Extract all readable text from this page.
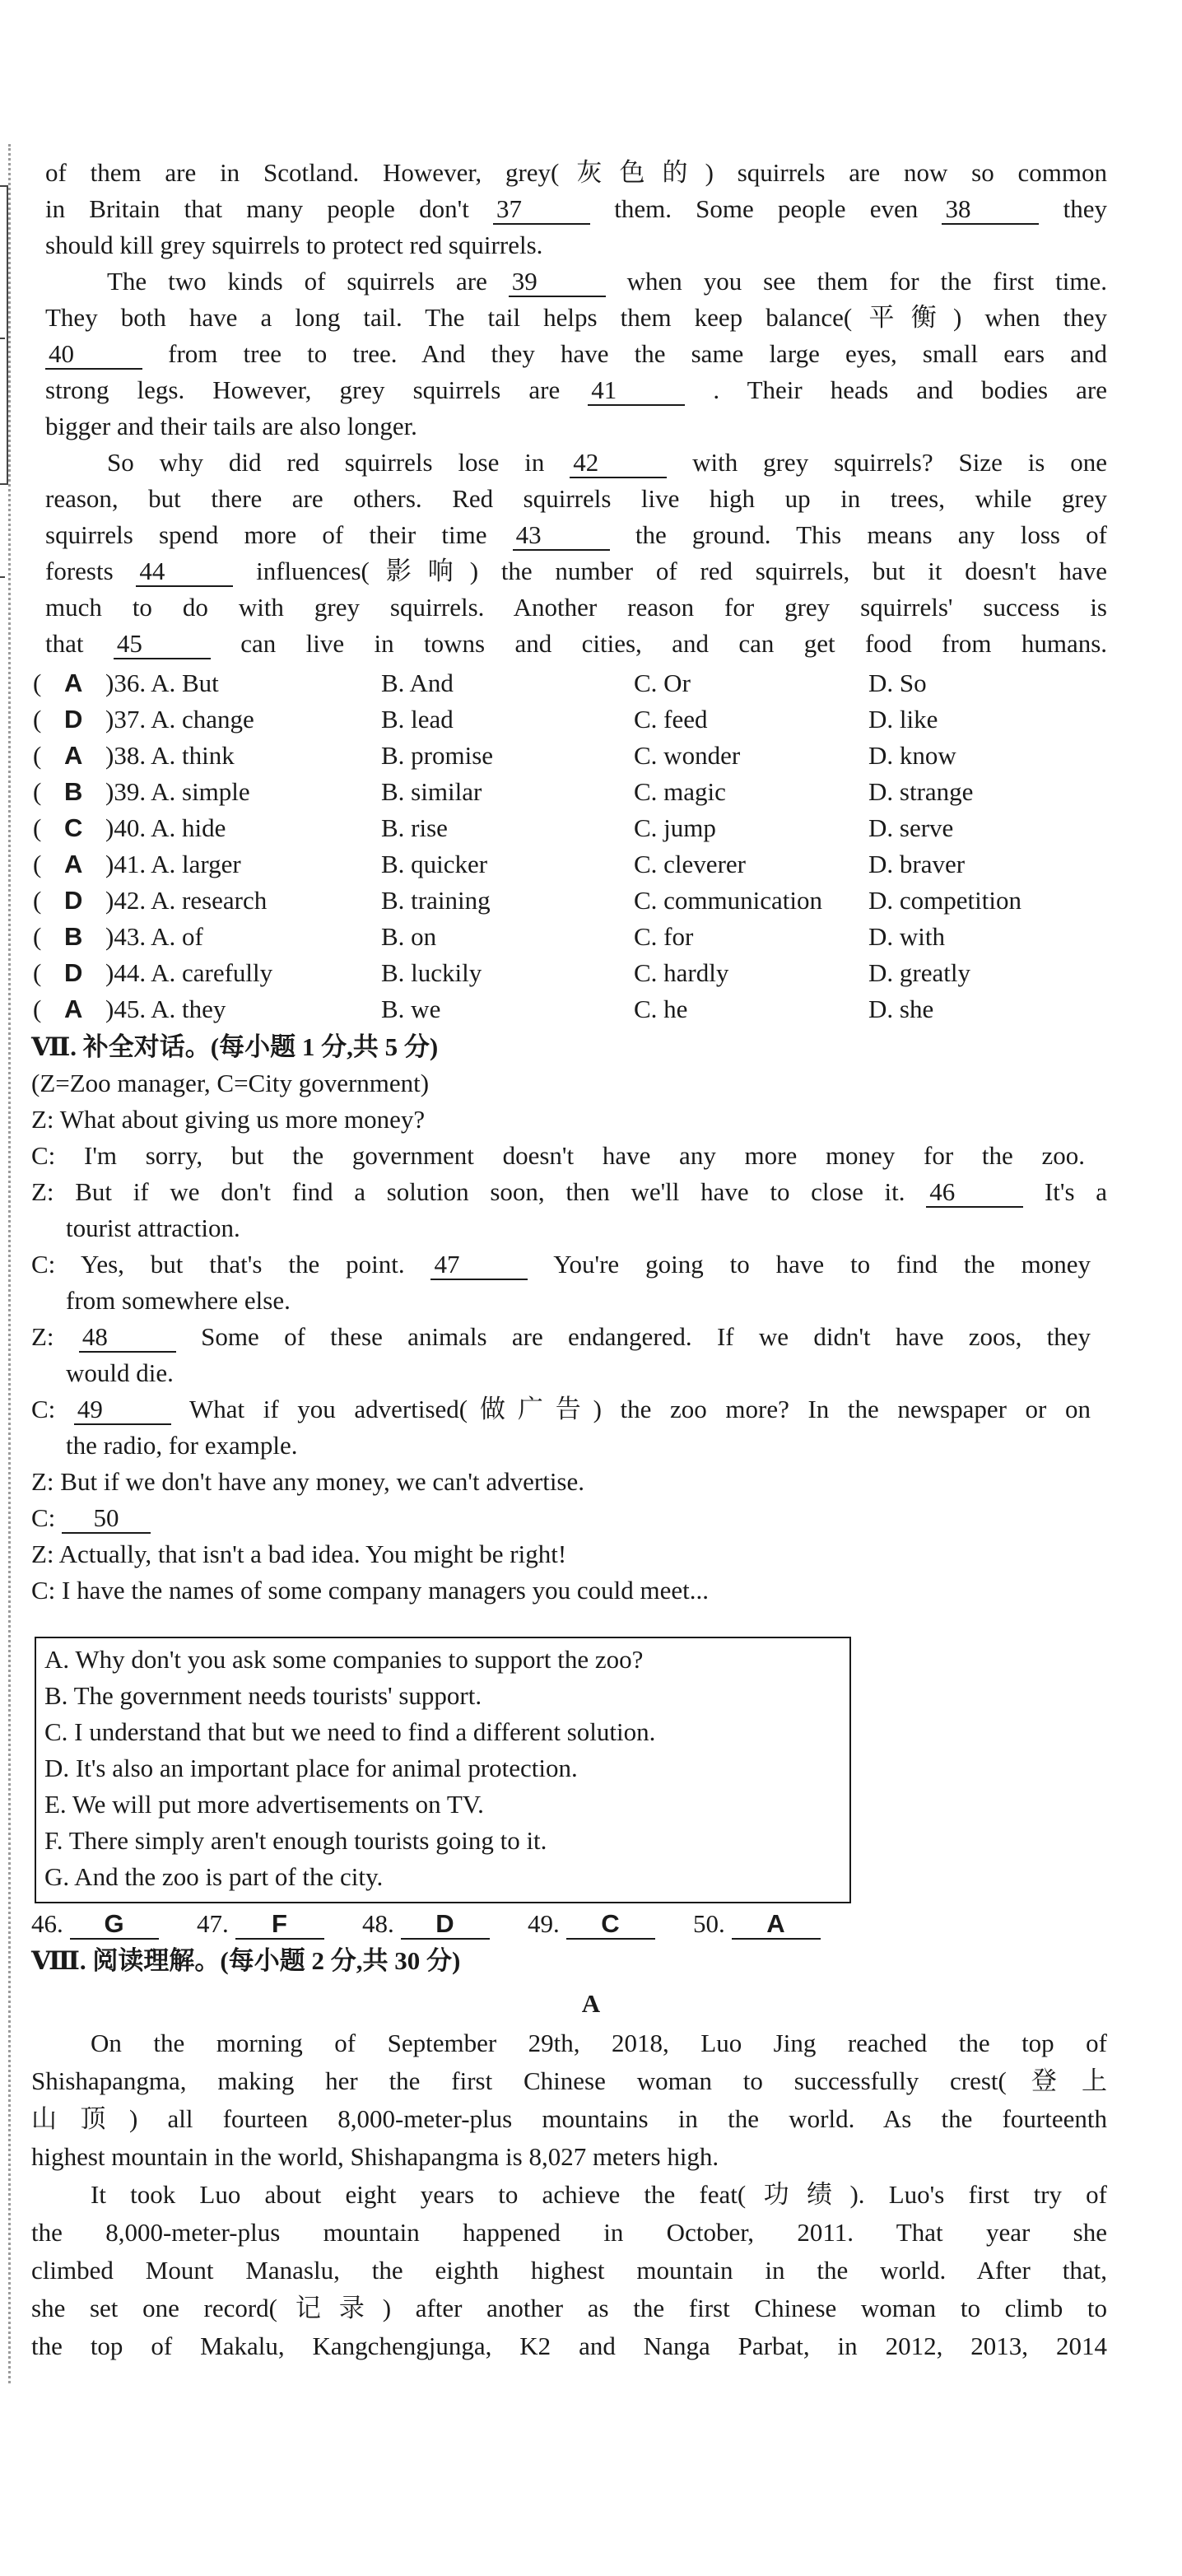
of them are in Scotland. However, grey(灰色的) squirrels are now so common
in Britain that many people don't 37	them. Some people even 38	they
should kill grey squirrels to protect red squirrels.
The two kinds of squirrels are 39	when you see them for the first time.
They both have a long tail. The tail helps them keep balance(平衡) when they
40	from tree to tree. And they have the same large eyes, small ears and
strong legs. However, grey squirrels are 41	. Their heads and bodies are
bigger and their tails are also longer.
So why did red squirrels lose in 42	with grey squirrels? Size is one
reason, but there are others. Red squirrels live high up in trees, while grey
squirrels spend more of their time 43	the ground. This means any loss of
forests 44	influences(影响) the number of red squirrels, but it doesn't have
much to do with grey squirrels. Another reason for grey squirrels' success is
that 45	can live in towns and cities, and can get food from humans.
( A )36. A. But	B. And	C. Or	D. So
( D )37. A. change	B. lead	C. feed	D. like
( A )38. A. think	B. promise	C. wonder	D. know
( B )39. A. simple	B. similar	C. magic	D. strange
( C )40. A. hide	B. rise	C. jump	D. serve
( A )41. A. larger	B. quicker	C. cleverer	D. braver
( D )42. A. research	B. training	C. communication D. competition
( B )43. A. of	B. on	C. for	D. with
( D )44. A. carefully	B. luckily	C. hardly	D. greatly
( A )45. A. they	B. we	C. he	D. she
Ⅶ. 补全对话。(每小题 1 分,共 5 分)
(Z=Zoo manager, C=City government)
Z: What about giving us more money?
C: I'm sorry, but the government doesn't have any more money for the zoo.
Z: But if we don't find a solution soon, then we'll have to close it. 46	It's a
tourist attraction.
C: Yes, but that's the point. 47	You're going to have to find the money
from somewhere else.
Z: 48	Some of these animals are endangered. If we didn't have zoos, they
would die.
C: 49	What if you advertised(做广告) the zoo more? In the newspaper or on
the radio, for example.
Z: But if we don't have any money, we can't advertise.
C: 50
Z: Actually, that isn't a bad idea. You might be right!
C: I have the names of some company managers you could meet...
A. Why don't you ask some companies to support the zoo?
B. The government needs tourists' support.
C. I understand that but we need to find a different solution.
D. It's also an important place for animal protection.
E. We will put more advertisements on TV.
F. There simply aren't enough tourists going to it.
G. And the zoo is part of the city.
46. G	47. F	48. D	49. C	50. A
Ⅷ. 阅读理解。(每小题 2 分,共 30 分)
A
On the morning of September 29th, 2018, Luo Jing reached the top of
Shishapangma, making her the first Chinese woman to successfully crest(登上
山顶) all fourteen 8,000-meter-plus mountains in the world. As the fourteenth
highest mountain in the world, Shishapangma is 8,027 meters high.
It took Luo about eight years to achieve the feat(功绩). Luo's first try of
the 8,000-meter-plus mountain happened in October, 2011. That year she
climbed Mount Manaslu, the eighth highest mountain in the world. After that,
she set one record(记录) after another as the first Chinese woman to climb to
the top of Makalu, Kangchengjunga, K2 and Nanga Parbat, in 2012, 2013, 2014
